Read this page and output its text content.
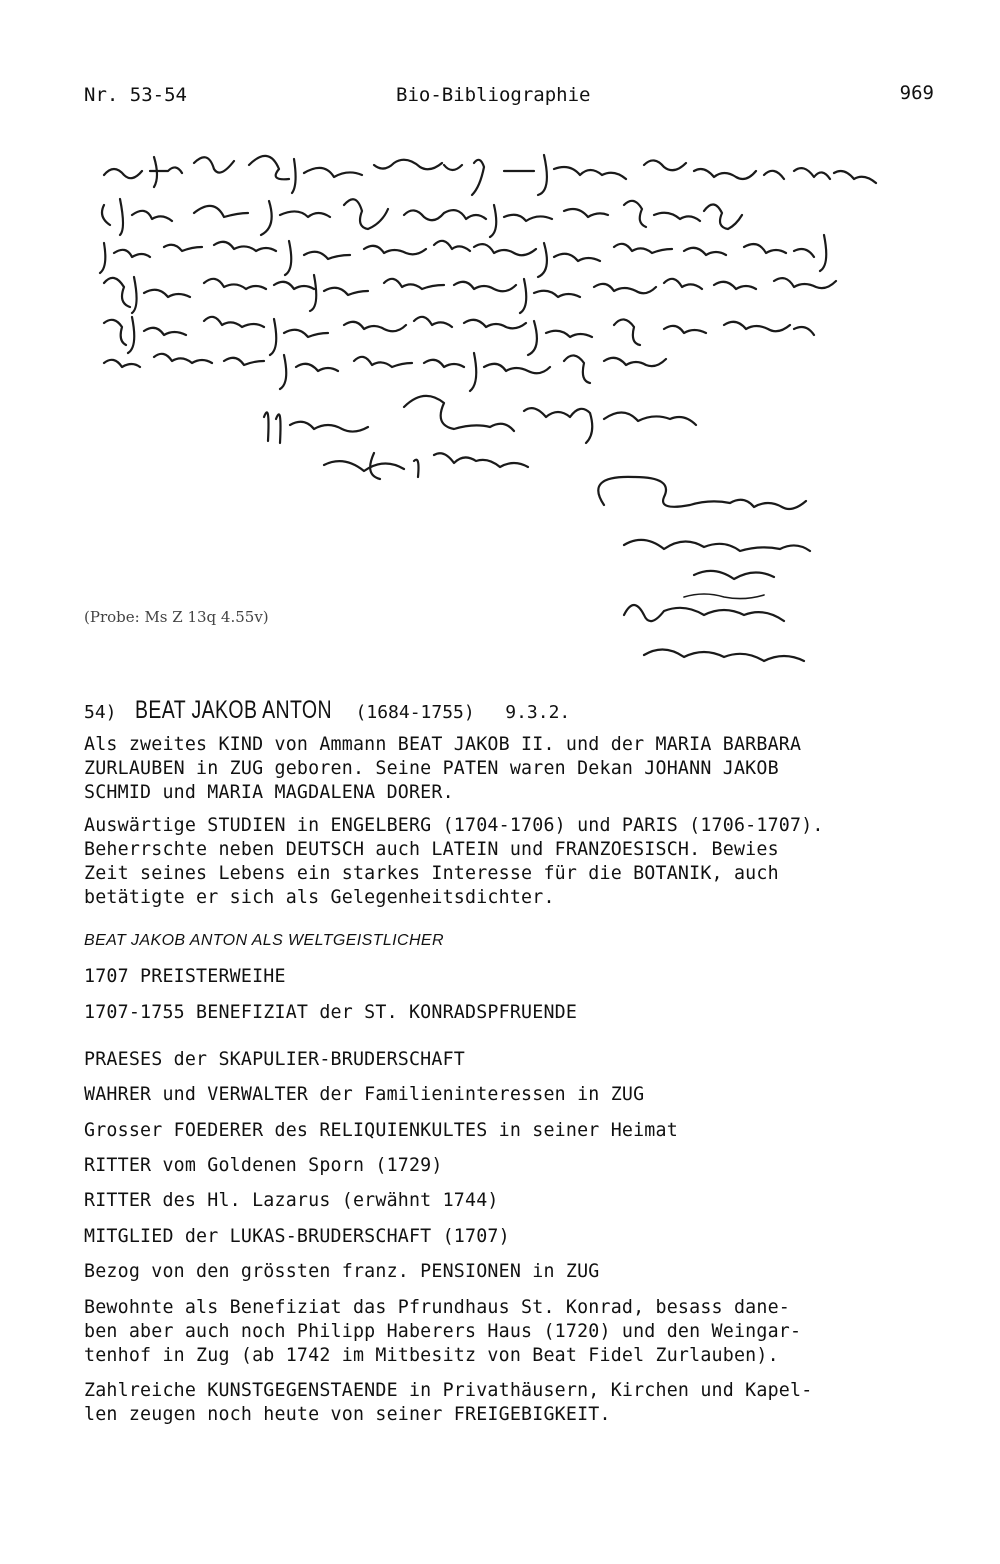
Nr. 53-54	Bio-Bibliographie	969
(Probe: Ms Z 13q 4.55v)
54) BEAT JAKOB ANTON (1684-1755) 9.3.2.
Als zweites KIND von Ammann BEAT JAKOB II. und der MARIA BARBARA
ZURLAUBEN in ZUG geboren. Seine PATEN waren Dekan JOHANN JAKOB
SCHMID und MARIA MAGDALENA DORER.
Auswärtige STUDIEN in ENGELBERG (1704-1706) und PARIS (1706-1707).
Beherrschte neben DEUTSCH auch LATEIN und FRANZOESISCH. Bewies
Zeit seines Lebens ein starkes Interesse für die BOTANIK, auch
betätigte er sich als Gelegenheitsdichter.
BEAT JAKOB ANTON ALS WELTGEISTLICHER
1707 PREISTERWEIHE
1707-1755 BENEFIZIAT der ST. KONRADSPFRUENDE
PRAESES der SKAPULIER-BRUDERSCHAFT
WAHRER und VERWALTER der Familieninteressen in ZUG
Grosser FOEDERER des RELIQUIENKULTES in seiner Heimat
RITTER vom Goldenen Sporn (1729)
RITTER des Hl. Lazarus (erwähnt 1744)
MITGLIED der LUKAS-BRUDERSCHAFT (1707)
Bezog von den grössten franz. PENSIONEN in ZUG
Bewohnte als Benefiziat das Pfrundhaus St. Konrad, besass dane-
ben aber auch noch Philipp Haberers Haus (1720) und den Weingar-
tenhof in Zug (ab 1742 im Mitbesitz von Beat Fidel Zurlauben).
Zahlreiche KUNSTGEGENSTAENDE in Privathäusern, Kirchen und Kapel-
len zeugen noch heute von seiner FREIGEBIGKEIT.
